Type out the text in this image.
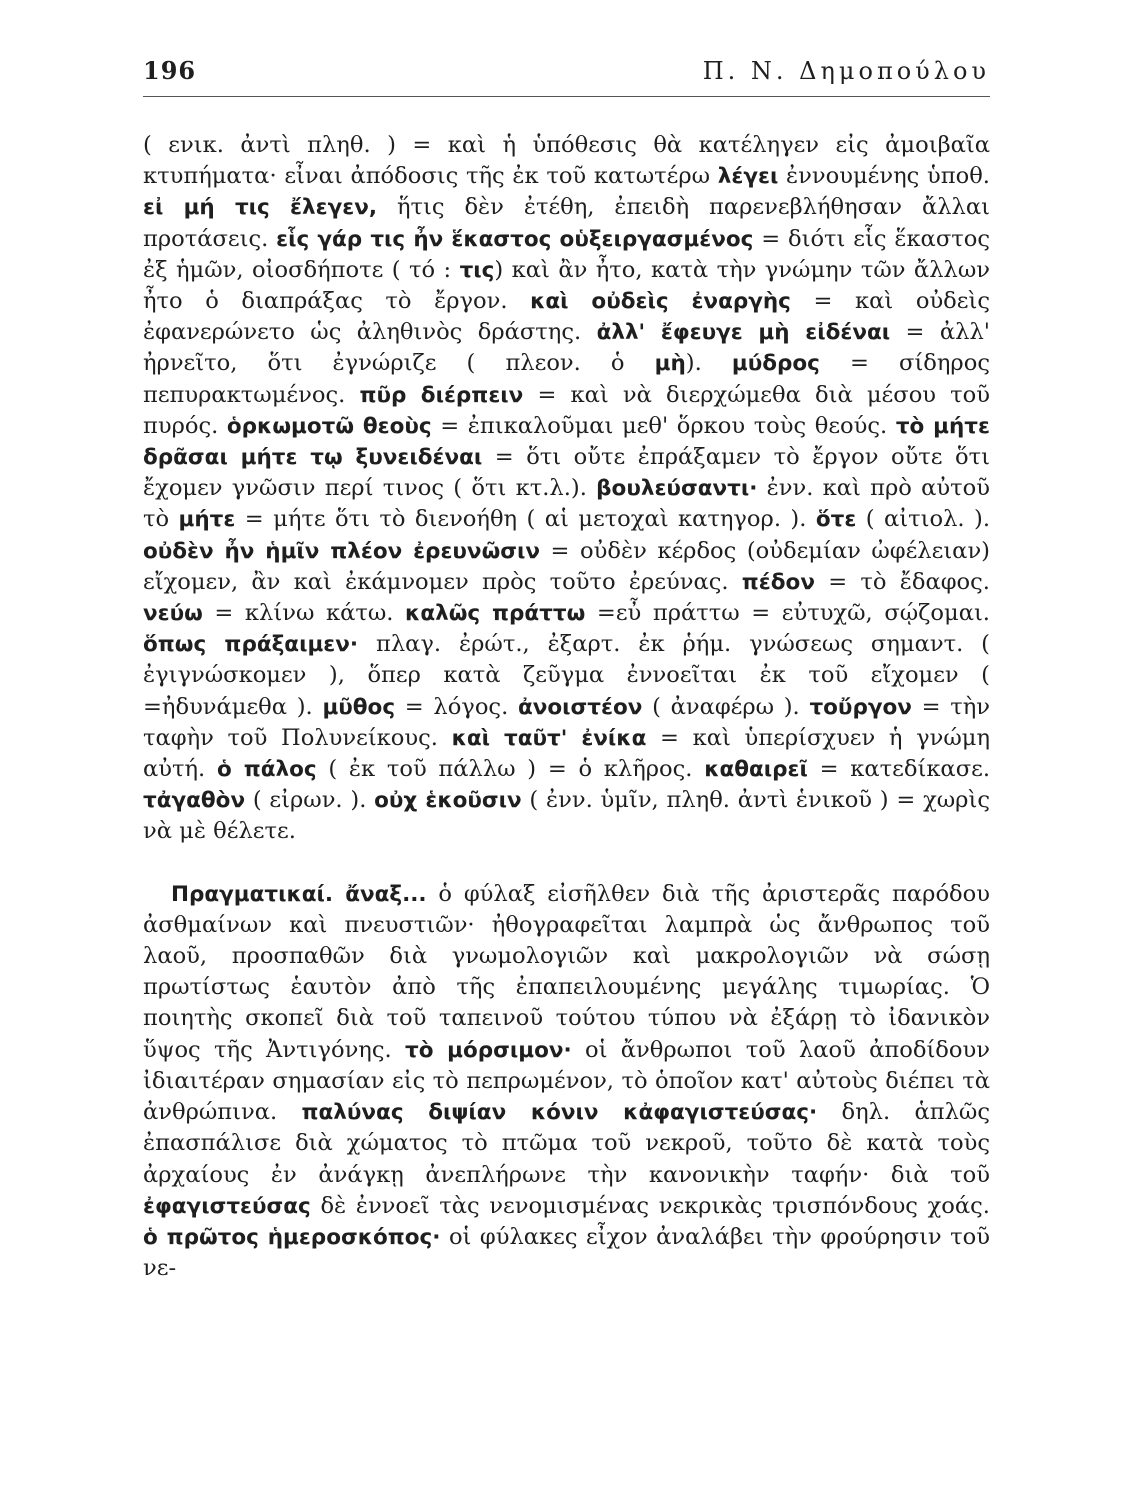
196	Π. Ν. Δημοπούλου

( ενικ. ἀντὶ πληθ. ) = καὶ ἡ ὑπόθεσις θὰ κατέληγεν εἰς ἀμοιβαῖα κτυπήματα· εἶναι ἀπόδοσις τῆς ἐκ τοῦ κατωτέρω λέγει ἐννουμένης ὑποθ. εἰ μή τις ἔλεγεν, ἥτις δὲν ἐτέθη, ἐπειδὴ παρενεβλήθησαν ἄλλαι προτάσεις. εἷς γάρ τις ἦν ἕκαστος οὑξειργασμένος = διότι εἷς ἕκαστος ἐξ ἡμῶν, οἰοσδήποτε ( τό : τις) καὶ ἂν ἦτο, κατὰ τὴν γνώμην τῶν ἄλλων ἦτο ὁ διαπράξας τὸ ἔργον. καὶ οὐδεὶς ἐναργὴς = καὶ οὐδεὶς ἐφανερώνετο ὡς ἀληθινὸς δράστης. ἀλλ' ἔφευγε μὴ εἰδέναι = ἀλλ' ἠρνεῖτο, ὅτι ἐγνώριζε ( πλεον. ὁ μὴ). μύδρος = σίδηρος πεπυρακτωμένος. πῦρ διέρπειν = καὶ νὰ διερχώμεθα διὰ μέσου τοῦ πυρός. ὁρκωμοτῶ θεοὺς = ἐπικαλοῦμαι μεθ' ὅρκου τοὺς θεούς. τὸ μήτε δρᾶσαι μήτε τῳ ξυνειδέναι = ὅτι οὔτε ἐπράξαμεν τὸ ἔργον οὔτε ὅτι ἔχομεν γνῶσιν περί τινος ( ὅτι κτ.λ.). βουλεύσαντι· ἐνν. καὶ πρὸ αὐτοῦ τὸ μήτε = μήτε ὅτι τὸ διενοήθη ( αἱ μετοχαὶ κατηγορ. ). ὅτε ( αἰτιολ. ). οὐδὲν ἦν ἡμῖν πλέον ἐρευνῶσιν = οὐδὲν κέρδος (οὐδεμίαν ὠφέλειαν) εἴχομεν, ἂν καὶ ἐκάμνομεν πρὸς τοῦτο ἐρεύνας. πέδον = τὸ ἔδαφος. νεύω = κλίνω κάτω. καλῶς πράττω =εὖ πράττω = εὐτυχῶ, σῴζομαι. ὅπως πράξαιμεν· πλαγ. ἐρώτ., ἐξαρτ. ἐκ ῥήμ. γνώσεως σημαντ. ( ἐγιγνώσκομεν ), ὅπερ κατὰ ζεῦγμα ἐννοεῖται ἐκ τοῦ εἴχομεν ( =ἠδυνάμεθα ). μῦθος = λόγος. ἀνοιστέον ( ἀναφέρω ). τοὔργον = τὴν ταφὴν τοῦ Πολυνείκους. καὶ ταῦτ' ἐνίκα = καὶ ὑπερίσχυεν ἡ γνώμη αὐτή. ὁ πάλος ( ἐκ τοῦ πάλλω ) = ὁ κλῆρος. καθαιρεῖ = κατεδίκασε. τἀγαθὸν ( εἰρων. ). οὐχ ἑκοῦσιν ( ἐνν. ὑμῖν, πληθ. ἀντὶ ἑνικοῦ ) = χωρὶς νὰ μὲ θέλετε.

Πραγματικαί. ἄναξ... ὁ φύλαξ εἰσῆλθεν διὰ τῆς ἀριστερᾶς παρόδου ἀσθμαίνων καὶ πνευστιῶν· ἠθογραφεῖται λαμπρὰ ὡς ἄνθρωπος τοῦ λαοῦ, προσπαθῶν διὰ γνωμολογιῶν καὶ μακρολογιῶν νὰ σώσῃ πρωτίστως ἑαυτὸν ἀπὸ τῆς ἐπαπειλουμένης μεγάλης τιμωρίας. Ὁ ποιητὴς σκοπεῖ διὰ τοῦ ταπεινοῦ τούτου τύπου νὰ ἐξάρῃ τὸ ἰδανικὸν ὕψος τῆς Ἀντιγόνης. τὸ μόρσιμον· οἱ ἄνθρωποι τοῦ λαοῦ ἀποδίδουν ἰδιαιτέραν σημασίαν εἰς τὸ πεπρωμένον, τὸ ὁποῖον κατ' αὐτοὺς διέπει τὰ ἀνθρώπινα. παλύνας διψίαν κόνιν κἀφαγιστεύσας· δηλ. ἁπλῶς ἐπασπάλισε διὰ χώματος τὸ πτῶμα τοῦ νεκροῦ, τοῦτο δὲ κατὰ τοὺς ἀρχαίους ἐν ἀνάγκῃ ἀνεπλήρωνε τὴν κανονικὴν ταφήν· διὰ τοῦ ἐφαγιστεύσας δὲ ἐννοεῖ τὰς νενομισμένας νεκρικὰς τρισπόνδους χοάς. ὁ πρῶτος ἡμεροσκόπος· οἱ φύλακες εἶχον ἀναλάβει τὴν φρούρησιν τοῦ νε-
